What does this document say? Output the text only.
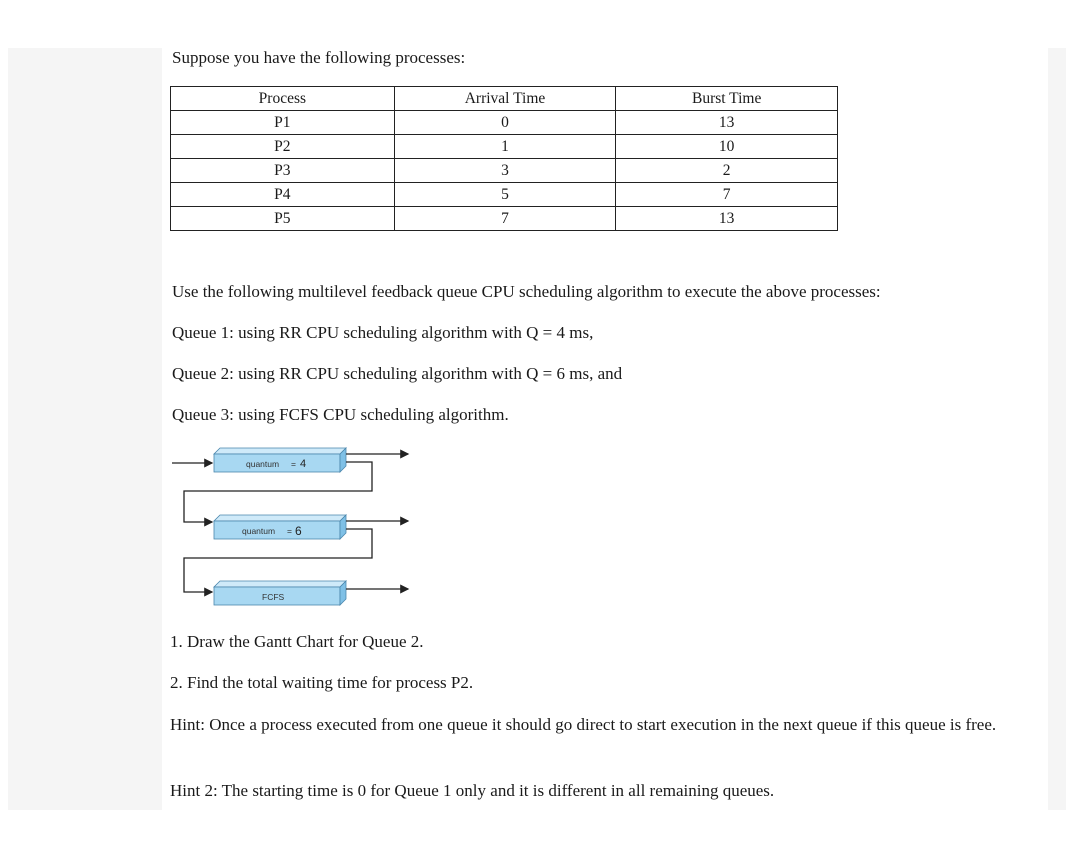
Suppose you have the following processes:
Process	Arrival Time	Burst Time
P1	0	13
P2	1	10
P3	3	2
P4	5	7
P5	7	13
Use the following multilevel feedback queue CPU scheduling algorithm to execute the above processes:
Queue 1: using RR CPU scheduling algorithm with Q = 4 ms,
Queue 2: using RR CPU scheduling algorithm with Q = 6 ms, and
Queue 3: using FCFS CPU scheduling algorithm.
quantum = 4
quantum = 6
FCFS
1. Draw the Gantt Chart for Queue 2.
2. Find the total waiting time for process P2.
Hint: Once a process executed from one queue it should go direct to start execution in the next queue if this queue is free.
Hint 2: The starting time is 0 for Queue 1 only and it is different in all remaining queues.
